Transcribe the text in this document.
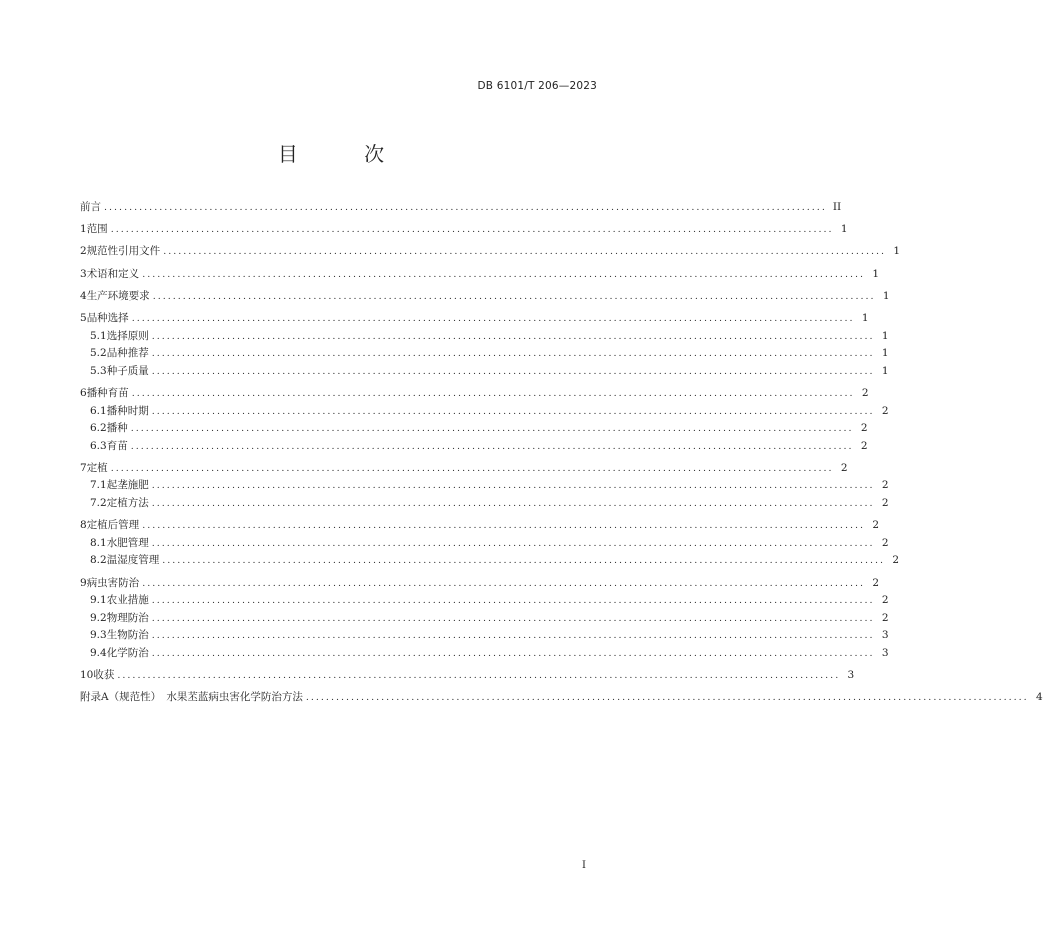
DB 6101/T 206—2023
目 次
前言 ................................................................................................................................................ II
1 范围 ................................................................................................................................................ 1
2 规范性引用文件 ................................................................................................................................................ 1
3 术语和定义 ................................................................................................................................................ 1
4 生产环境要求 ................................................................................................................................................ 1
5 品种选择 ................................................................................................................................................ 1
5.1 选择原则 ................................................................................................................................................ 1
5.2 品种推荐 ................................................................................................................................................ 1
5.3 种子质量 ................................................................................................................................................ 1
6 播种育苗 ................................................................................................................................................ 2
6.1 播种时期 ................................................................................................................................................ 2
6.2 播种 ................................................................................................................................................ 2
6.3 育苗 ................................................................................................................................................ 2
7 定植 ................................................................................................................................................ 2
7.1 起垄施肥 ................................................................................................................................................ 2
7.2 定植方法 ................................................................................................................................................ 2
8 定植后管理 ................................................................................................................................................ 2
8.1 水肥管理 ................................................................................................................................................ 2
8.2 温湿度管理 ................................................................................................................................................ 2
9 病虫害防治 ................................................................................................................................................ 2
9.1 农业措施 ................................................................................................................................................ 2
9.2 物理防治 ................................................................................................................................................ 2
9.3 生物防治 ................................................................................................................................................ 3
9.4 化学防治 ................................................................................................................................................ 3
10 收获 ................................................................................................................................................ 3
附录A（规范性）　水果苤蓝病虫害化学防治方法 ................................................................................................................................................ 4
I
